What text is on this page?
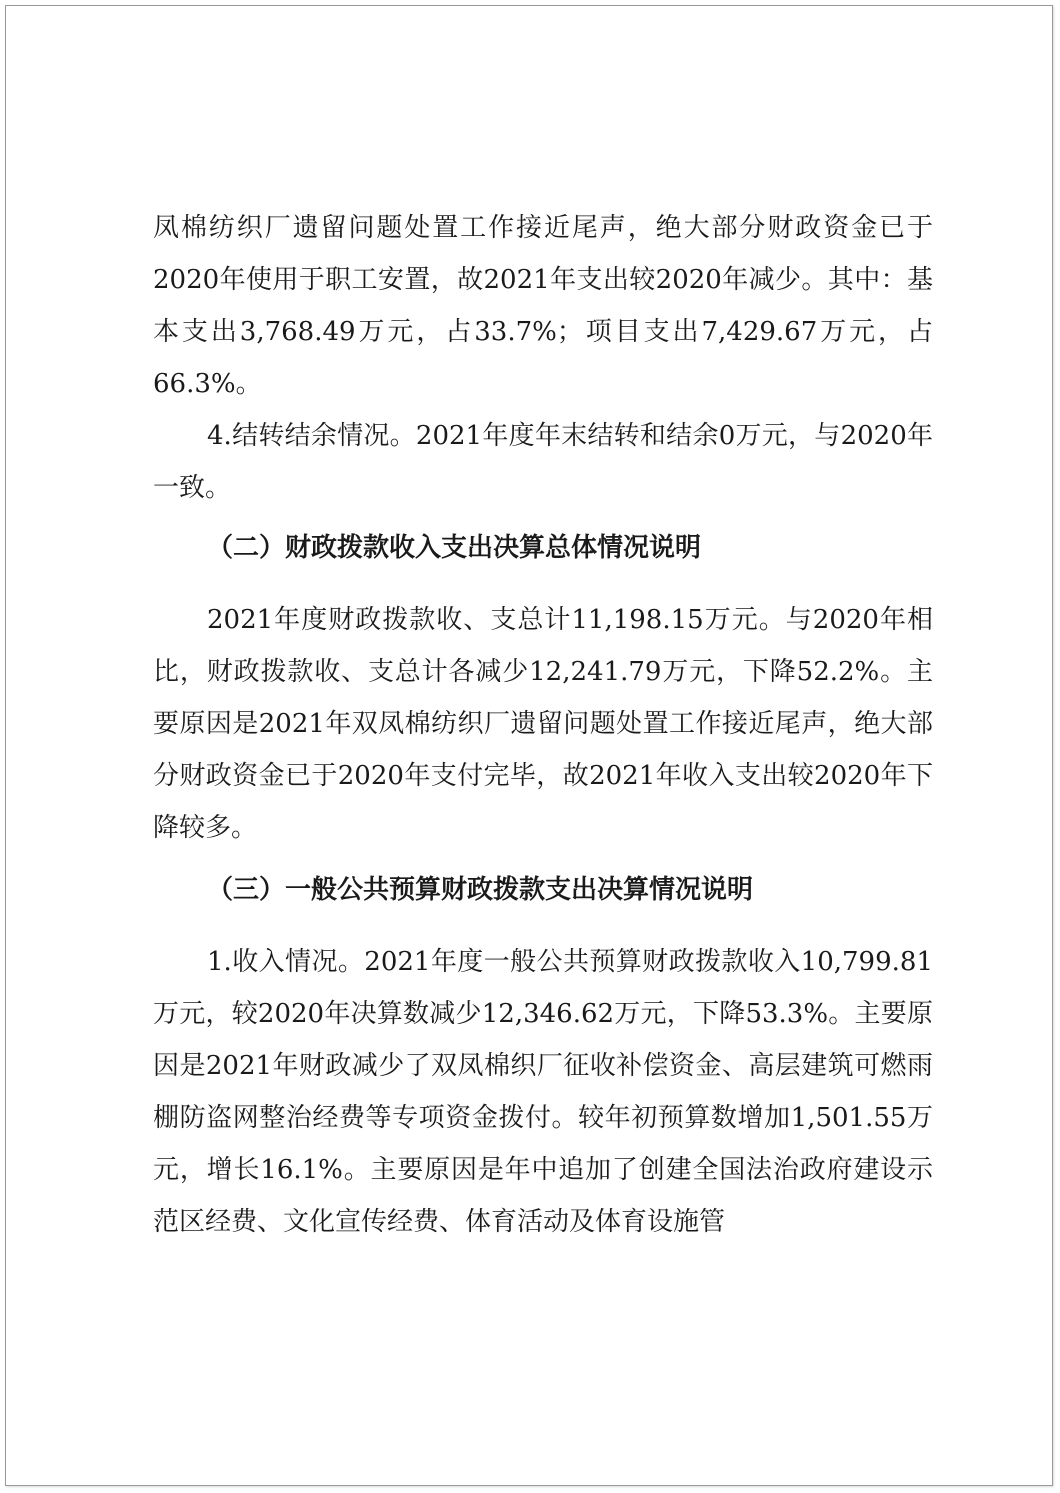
凤棉纺织厂遗留问题处置工作接近尾声，绝大部分财政资金已于2020年使用于职工安置，故2021年支出较2020年减少。其中：基本支出3,768.49万元，占33.7%；项目支出7,429.67万元，占66.3%。

4.结转结余情况。2021年度年末结转和结余0万元，与2020年一致。

（二）财政拨款收入支出决算总体情况说明

2021年度财政拨款收、支总计11,198.15万元。与2020年相比，财政拨款收、支总计各减少12,241.79万元，下降52.2%。主要原因是2021年双凤棉纺织厂遗留问题处置工作接近尾声，绝大部分财政资金已于2020年支付完毕，故2021年收入支出较2020年下降较多。

（三）一般公共预算财政拨款支出决算情况说明

1.收入情况。2021年度一般公共预算财政拨款收入10,799.81万元，较2020年决算数减少12,346.62万元，下降53.3%。主要原因是2021年财政减少了双凤棉织厂征收补偿资金、高层建筑可燃雨棚防盗网整治经费等专项资金拨付。较年初预算数增加1,501.55万元，增长16.1%。主要原因是年中追加了创建全国法治政府建设示范区经费、文化宣传经费、体育活动及体育设施管
